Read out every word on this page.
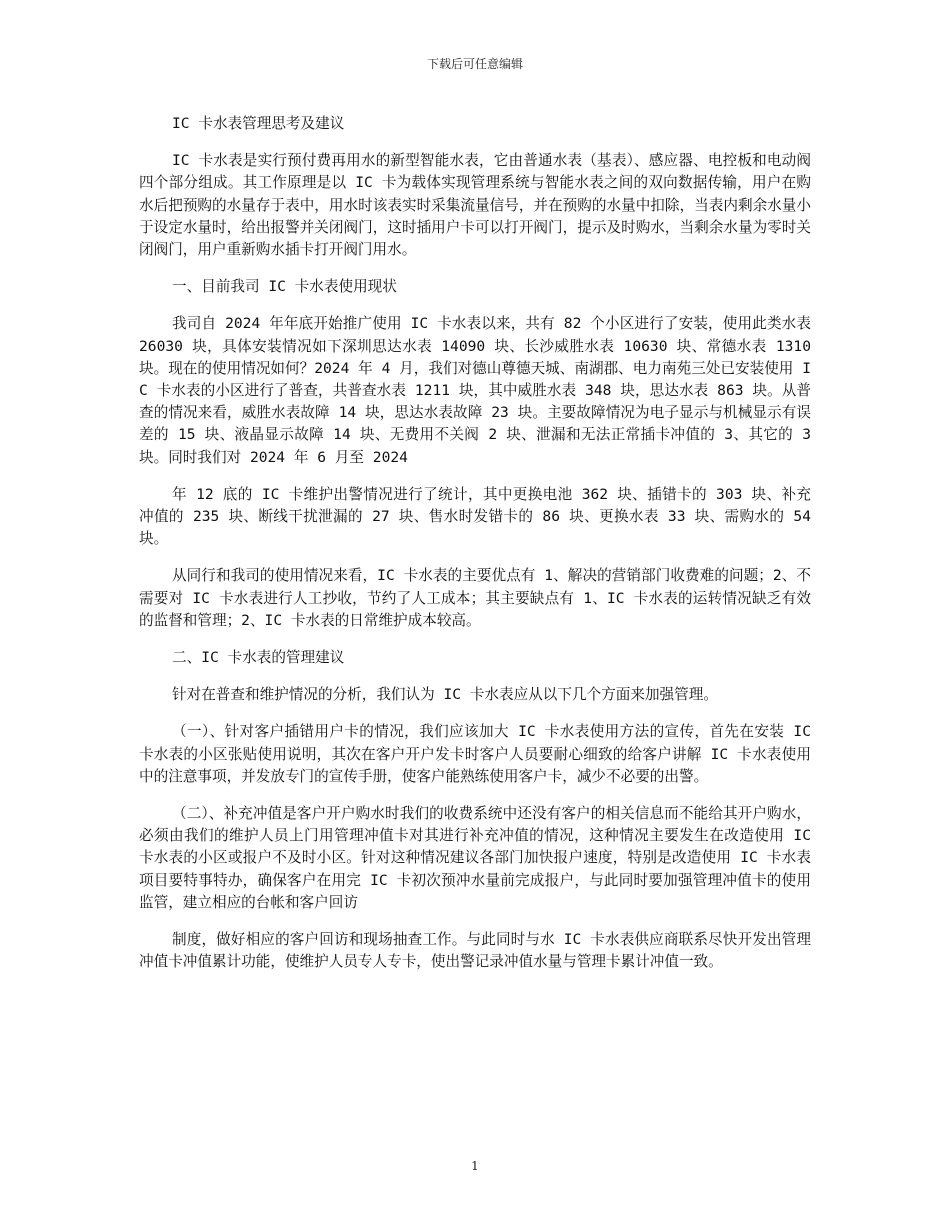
下载后可任意编辑

IC 卡水表管理思考及建议

IC 卡水表是实行预付费再用水的新型智能水表，它由普通水表（基表）、感应器、电控板和电动阀四个部分组成。其工作原理是以 IC 卡为载体实现管理系统与智能水表之间的双向数据传输，用户在购水后把预购的水量存于表中，用水时该表实时采集流量信号，并在预购的水量中扣除，当表内剩余水量小于设定水量时，给出报警并关闭阀门，这时插用户卡可以打开阀门，提示及时购水，当剩余水量为零时关闭阀门，用户重新购水插卡打开阀门用水。

一、目前我司 IC 卡水表使用现状

我司自 2024 年年底开始推广使用 IC 卡水表以来，共有 82 个小区进行了安装，使用此类水表 26030 块，具体安装情况如下深圳思达水表 14090 块、长沙威胜水表 10630 块、常德水表 1310 块。现在的使用情况如何？2024 年 4 月，我们对德山尊德天城、南湖郡、电力南苑三处已安装使用 IC 卡水表的小区进行了普查，共普查水表 1211 块，其中威胜水表 348 块，思达水表 863 块。从普查的情况来看，威胜水表故障 14 块，思达水表故障 23 块。主要故障情况为电子显示与机械显示有误差的 15 块、液晶显示故障 14 块、无费用不关阀 2 块、泄漏和无法正常插卡冲值的 3、其它的 3 块。同时我们对 2024 年 6 月至 2024

年 12 底的 IC 卡维护出警情况进行了统计，其中更换电池 362 块、插错卡的 303 块、补充冲值的 235 块、断线干扰泄漏的 27 块、售水时发错卡的 86 块、更换水表 33 块、需购水的 54 块。

从同行和我司的使用情况来看，IC 卡水表的主要优点有 1、解决的营销部门收费难的问题；2、不需要对 IC 卡水表进行人工抄收，节约了人工成本；其主要缺点有 1、IC 卡水表的运转情况缺乏有效的监督和管理；2、IC 卡水表的日常维护成本较高。

二、IC 卡水表的管理建议

针对在普查和维护情况的分析，我们认为 IC 卡水表应从以下几个方面来加强管理。

（一）、针对客户插错用户卡的情况，我们应该加大 IC 卡水表使用方法的宣传，首先在安装 IC 卡水表的小区张贴使用说明，其次在客户开户发卡时客户人员要耐心细致的给客户讲解 IC 卡水表使用中的注意事项，并发放专门的宣传手册，使客户能熟练使用客户卡，减少不必要的出警。

（二）、补充冲值是客户开户购水时我们的收费系统中还没有客户的相关信息而不能给其开户购水，必须由我们的维护人员上门用管理冲值卡对其进行补充冲值的情况，这种情况主要发生在改造使用 IC 卡水表的小区或报户不及时小区。针对这种情况建议各部门加快报户速度，特别是改造使用 IC 卡水表项目要特事特办，确保客户在用完 IC 卡初次预冲水量前完成报户，与此同时要加强管理冲值卡的使用监管，建立相应的台帐和客户回访

制度，做好相应的客户回访和现场抽查工作。与此同时与水 IC 卡水表供应商联系尽快开发出管理冲值卡冲值累计功能，使维护人员专人专卡，使出警记录冲值水量与管理卡累计冲值一致。

1
